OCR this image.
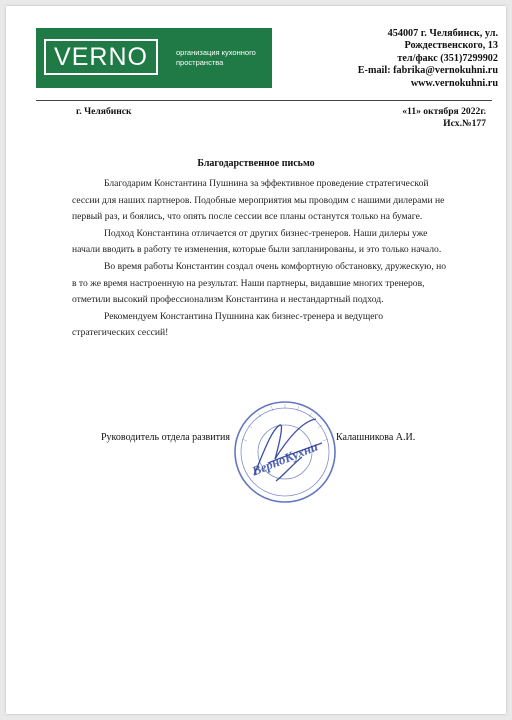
VERNO	организация кухонного
пространства
454007 г. Челябинск, ул.
Рождественского, 13
тел/факс (351)7299902
E-mail: fabrika@vernokuhni.ru
www.vernokuhni.ru
г. Челябинск	«11» октября 2022г.
Исх.№177
Благодарственное письмо
Благодарим Константина Пушнина за эффективное проведение стратегической
сессии для наших партнеров. Подобные мероприятия мы проводим с нашими дилерами не
первый раз, и боялись, что опять после сессии все планы останутся только на бумаге.
Подход Константина отличается от других бизнес-тренеров. Наши дилеры уже
начали вводить в работу те изменения, которые были запланированы, и это только начало.
Во время работы Константин создал очень комфортную обстановку, дружескую, но
в то же время настроенную на результат. Наши партнеры, видавшие многих тренеров,
отметили высокий профессионализм Константина и нестандартный подход.
Рекомендуем Константина Пушнина как бизнес-тренера и ведущего
стратегических сессий!
Руководитель отдела развития	Калашникова А.И.
ВерноКухни
